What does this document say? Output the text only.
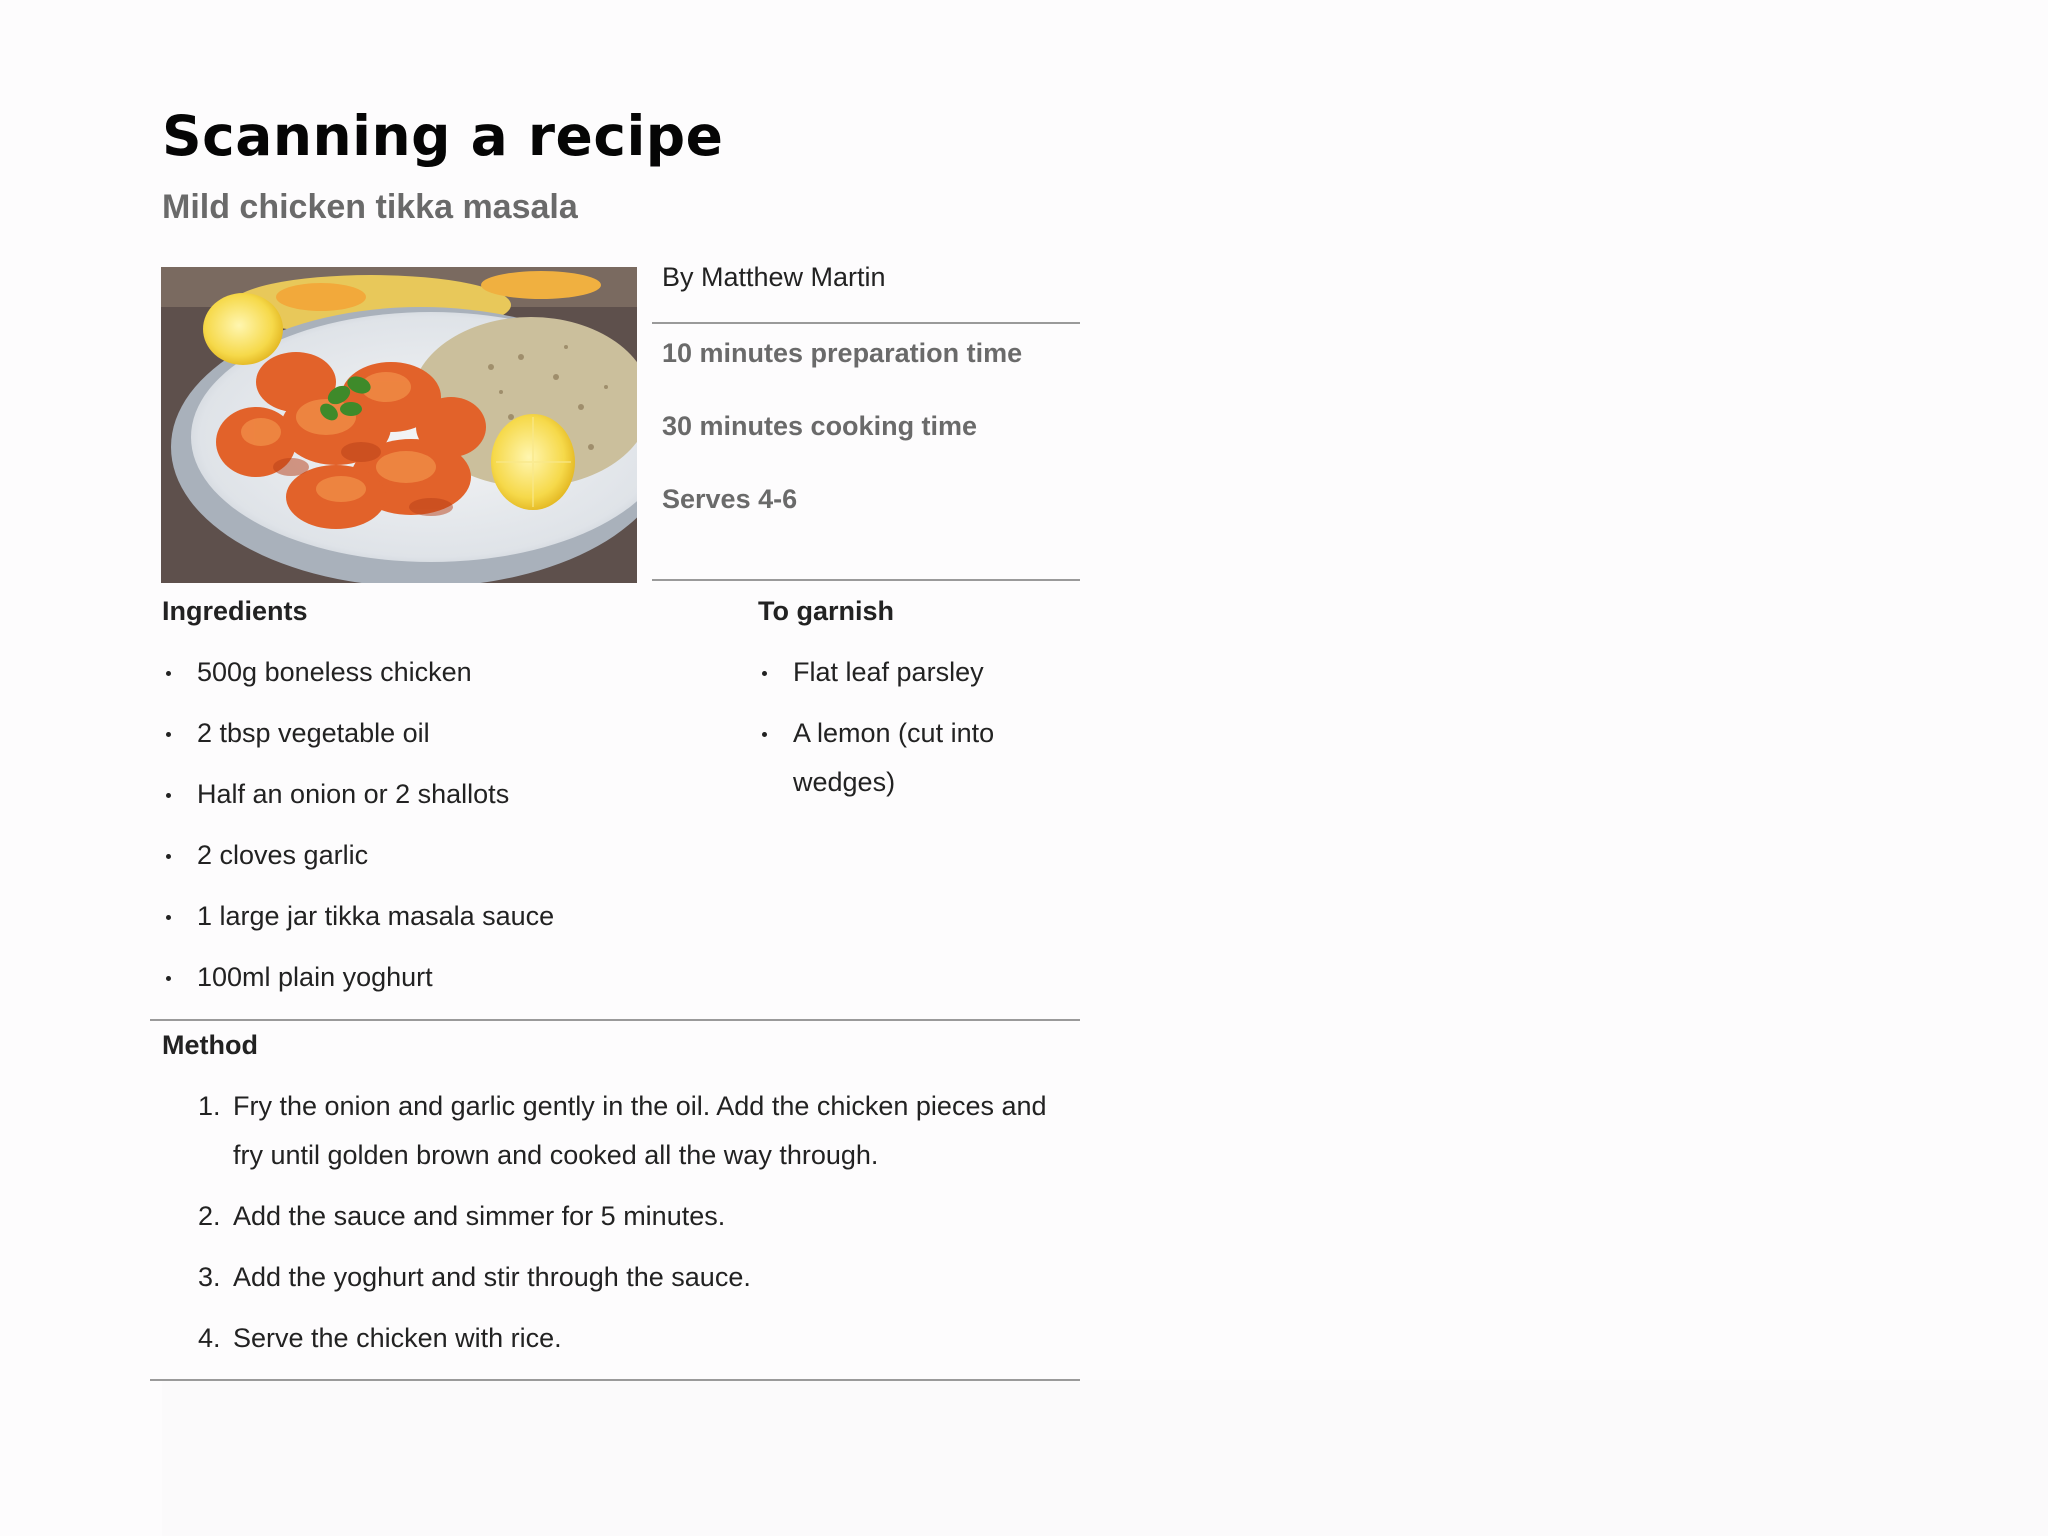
Scanning a recipe

Mild chicken tikka masala

By Matthew Martin
10 minutes preparation time
30 minutes cooking time
Serves 4-6
Ingredients
500g boneless chicken
2 tbsp vegetable oil
Half an onion or 2 shallots
2 cloves garlic
1 large jar tikka masala sauce
100ml plain yoghurt
To garnish
Flat leaf parsley
A lemon (cut into wedges)
Method
1. Fry the onion and garlic gently in the oil. Add the chicken pieces and fry until golden brown and cooked all the way through.
2. Add the sauce and simmer for 5 minutes.
3. Add the yoghurt and stir through the sauce.
4. Serve the chicken with rice.
